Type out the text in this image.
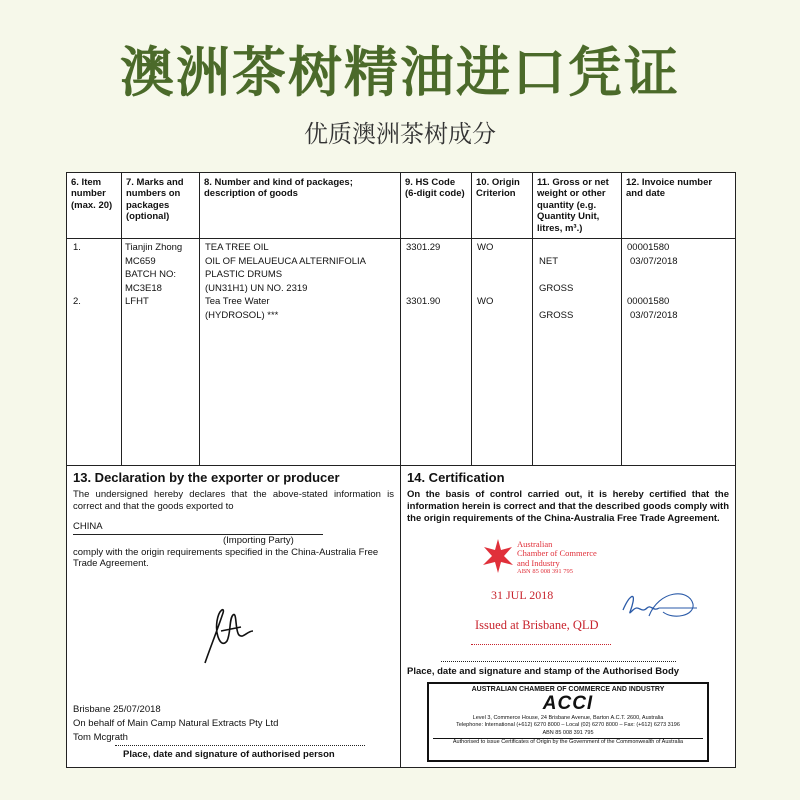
澳洲茶树精油进口凭证
优质澳洲茶树成分
6. Item number (max. 20)
7. Marks and numbers on packages (optional)
8. Number and kind of packages; description of goods
9. HS Code (6-digit code)
10. Origin Criterion
11. Gross or net weight or other quantity (e.g. Quantity Unit, litres, m³.)
12. Invoice number and date
1.
2.
Tianjin Zhong
MC659
BATCH NO:
MC3E18
LFHT
TEA TREE OIL
OIL OF MELAUEUCA ALTERNIFOLIA
PLASTIC DRUMS
(UN31H1) UN NO. 2319
Tea Tree Water
(HYDROSOL) ***
3301.29
3301.90
WO
WO
NET
GROSS
GROSS
00001580
03/07/2018
00001580
03/07/2018
13. Declaration by the exporter or producer
The undersigned hereby declares that the above-stated information is correct and that the goods exported to
CHINA
(Importing Party)
comply with the origin requirements specified in the China-Australia Free Trade Agreement.
Brisbane 25/07/2018
On behalf of Main Camp Natural Extracts Pty Ltd
Tom Mcgrath
Place, date and signature of authorised person
14. Certification
On the basis of control carried out, it is hereby certified that the information herein is correct and that the described goods comply with the origin requirements of the China-Australia Free Trade Agreement.
Australian
Chamber of Commerce
and Industry
ABN 85 008 391 795
31 JUL 2018
Issued at Brisbane, QLD
Place, date and signature and stamp of the Authorised Body
AUSTRALIAN CHAMBER OF COMMERCE AND INDUSTRY
ACCI
Level 3, Commerce House, 24 Brisbane Avenue, Barton A.C.T. 2600, Australia
Telephone: International (+612) 6270 8000 – Local (02) 6270 8000 – Fax: (+612) 6273 3196
ABN 85 008 391 795
Authorised to issue Certificates of Origin by the Government of the Commonwealth of Australia
